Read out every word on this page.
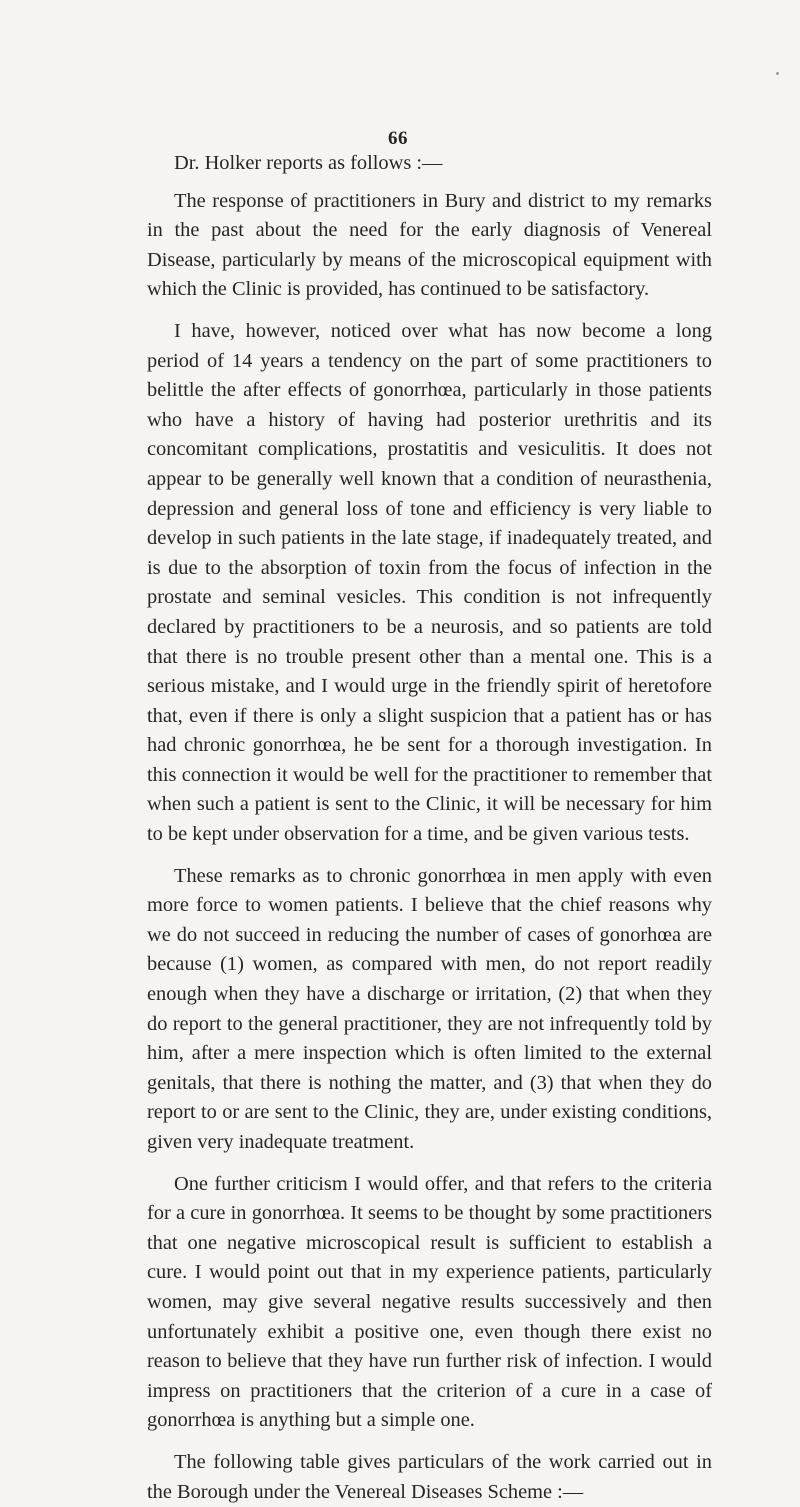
66

Dr. Holker reports as follows :—

The response of practitioners in Bury and district to my remarks in the past about the need for the early diagnosis of Venereal Disease, particularly by means of the microscopical equipment with which the Clinic is provided, has continued to be satisfactory.

I have, however, noticed over what has now become a long period of 14 years a tendency on the part of some practitioners to belittle the after effects of gonorrhœa, particularly in those patients who have a history of having had posterior urethritis and its concomitant complications, prostatitis and vesiculitis. It does not appear to be generally well known that a condition of neurasthenia, depression and general loss of tone and efficiency is very liable to develop in such patients in the late stage, if inadequately treated, and is due to the absorption of toxin from the focus of infection in the prostate and seminal vesicles. This condition is not infrequently declared by practitioners to be a neurosis, and so patients are told that there is no trouble present other than a mental one. This is a serious mistake, and I would urge in the friendly spirit of heretofore that, even if there is only a slight suspicion that a patient has or has had chronic gonorrhœa, he be sent for a thorough investigation. In this connection it would be well for the practitioner to remember that when such a patient is sent to the Clinic, it will be necessary for him to be kept under observation for a time, and be given various tests.

These remarks as to chronic gonorrhœa in men apply with even more force to women patients. I believe that the chief reasons why we do not succeed in reducing the number of cases of gonorhœa are because (1) women, as compared with men, do not report readily enough when they have a discharge or irritation, (2) that when they do report to the general practitioner, they are not infrequently told by him, after a mere inspection which is often limited to the external genitals, that there is nothing the matter, and (3) that when they do report to or are sent to the Clinic, they are, under existing conditions, given very inadequate treatment.

One further criticism I would offer, and that refers to the criteria for a cure in gonorrhœa. It seems to be thought by some practitioners that one negative microscopical result is sufficient to establish a cure. I would point out that in my experience patients, particularly women, may give several negative results successively and then unfortunately exhibit a positive one, even though there exist no reason to believe that they have run further risk of infection. I would impress on practitioners that the criterion of a cure in a case of gonorrhœa is anything but a simple one.

The following table gives particulars of the work carried out in the Borough under the Venereal Diseases Scheme :—
